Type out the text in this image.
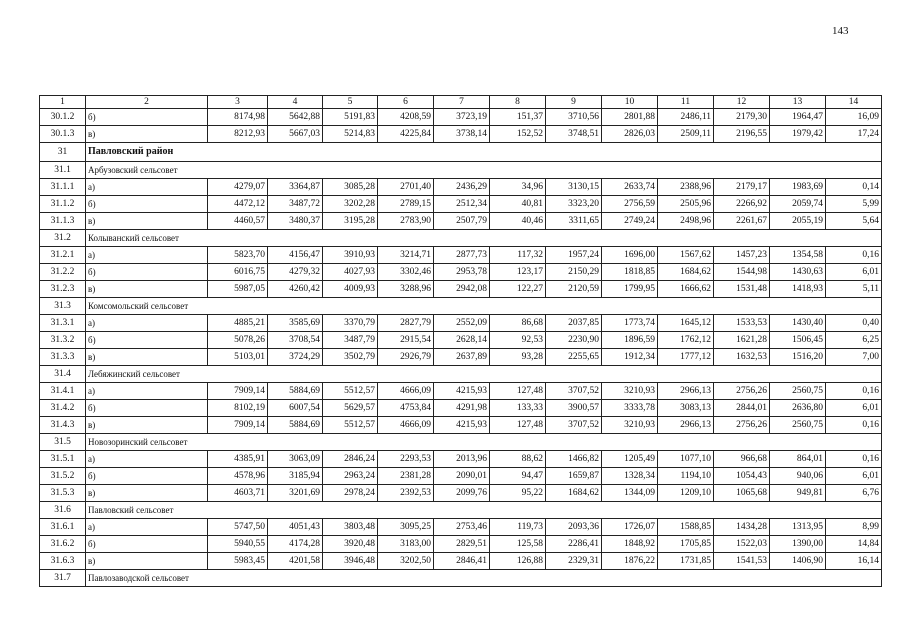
143
1	2	3	4	5	6	7	8	9	10	11	12	13	14
30.1.2	б)	8174,98	5642,88	5191,83	4208,59	3723,19	151,37	3710,56	2801,88	2486,11	2179,30	1964,47	16,09
30.1.3	в)	8212,93	5667,03	5214,83	4225,84	3738,14	152,52	3748,51	2826,03	2509,11	2196,55	1979,42	17,24
31	Павловский район												
31.1	Арбузовский сельсовет												
31.1.1	а)	4279,07	3364,87	3085,28	2701,40	2436,29	34,96	3130,15	2633,74	2388,96	2179,17	1983,69	0,14
31.1.2	б)	4472,12	3487,72	3202,28	2789,15	2512,34	40,81	3323,20	2756,59	2505,96	2266,92	2059,74	5,99
31.1.3	в)	4460,57	3480,37	3195,28	2783,90	2507,79	40,46	3311,65	2749,24	2498,96	2261,67	2055,19	5,64
31.2	Колыванский сельсовет												
31.2.1	а)	5823,70	4156,47	3910,93	3214,71	2877,73	117,32	1957,24	1696,00	1567,62	1457,23	1354,58	0,16
31.2.2	б)	6016,75	4279,32	4027,93	3302,46	2953,78	123,17	2150,29	1818,85	1684,62	1544,98	1430,63	6,01
31.2.3	в)	5987,05	4260,42	4009,93	3288,96	2942,08	122,27	2120,59	1799,95	1666,62	1531,48	1418,93	5,11
31.3	Комсомольский сельсовет												
31.3.1	а)	4885,21	3585,69	3370,79	2827,79	2552,09	86,68	2037,85	1773,74	1645,12	1533,53	1430,40	0,40
31.3.2	б)	5078,26	3708,54	3487,79	2915,54	2628,14	92,53	2230,90	1896,59	1762,12	1621,28	1506,45	6,25
31.3.3	в)	5103,01	3724,29	3502,79	2926,79	2637,89	93,28	2255,65	1912,34	1777,12	1632,53	1516,20	7,00
31.4	Лебяжинский сельсовет												
31.4.1	а)	7909,14	5884,69	5512,57	4666,09	4215,93	127,48	3707,52	3210,93	2966,13	2756,26	2560,75	0,16
31.4.2	б)	8102,19	6007,54	5629,57	4753,84	4291,98	133,33	3900,57	3333,78	3083,13	2844,01	2636,80	6,01
31.4.3	в)	7909,14	5884,69	5512,57	4666,09	4215,93	127,48	3707,52	3210,93	2966,13	2756,26	2560,75	0,16
31.5	Новозоринский сельсовет												
31.5.1	а)	4385,91	3063,09	2846,24	2293,53	2013,96	88,62	1466,82	1205,49	1077,10	966,68	864,01	0,16
31.5.2	б)	4578,96	3185,94	2963,24	2381,28	2090,01	94,47	1659,87	1328,34	1194,10	1054,43	940,06	6,01
31.5.3	в)	4603,71	3201,69	2978,24	2392,53	2099,76	95,22	1684,62	1344,09	1209,10	1065,68	949,81	6,76
31.6	Павловский сельсовет												
31.6.1	а)	5747,50	4051,43	3803,48	3095,25	2753,46	119,73	2093,36	1726,07	1588,85	1434,28	1313,95	8,99
31.6.2	б)	5940,55	4174,28	3920,48	3183,00	2829,51	125,58	2286,41	1848,92	1705,85	1522,03	1390,00	14,84
31.6.3	в)	5983,45	4201,58	3946,48	3202,50	2846,41	126,88	2329,31	1876,22	1731,85	1541,53	1406,90	16,14
31.7	Павлозаводской сельсовет												
